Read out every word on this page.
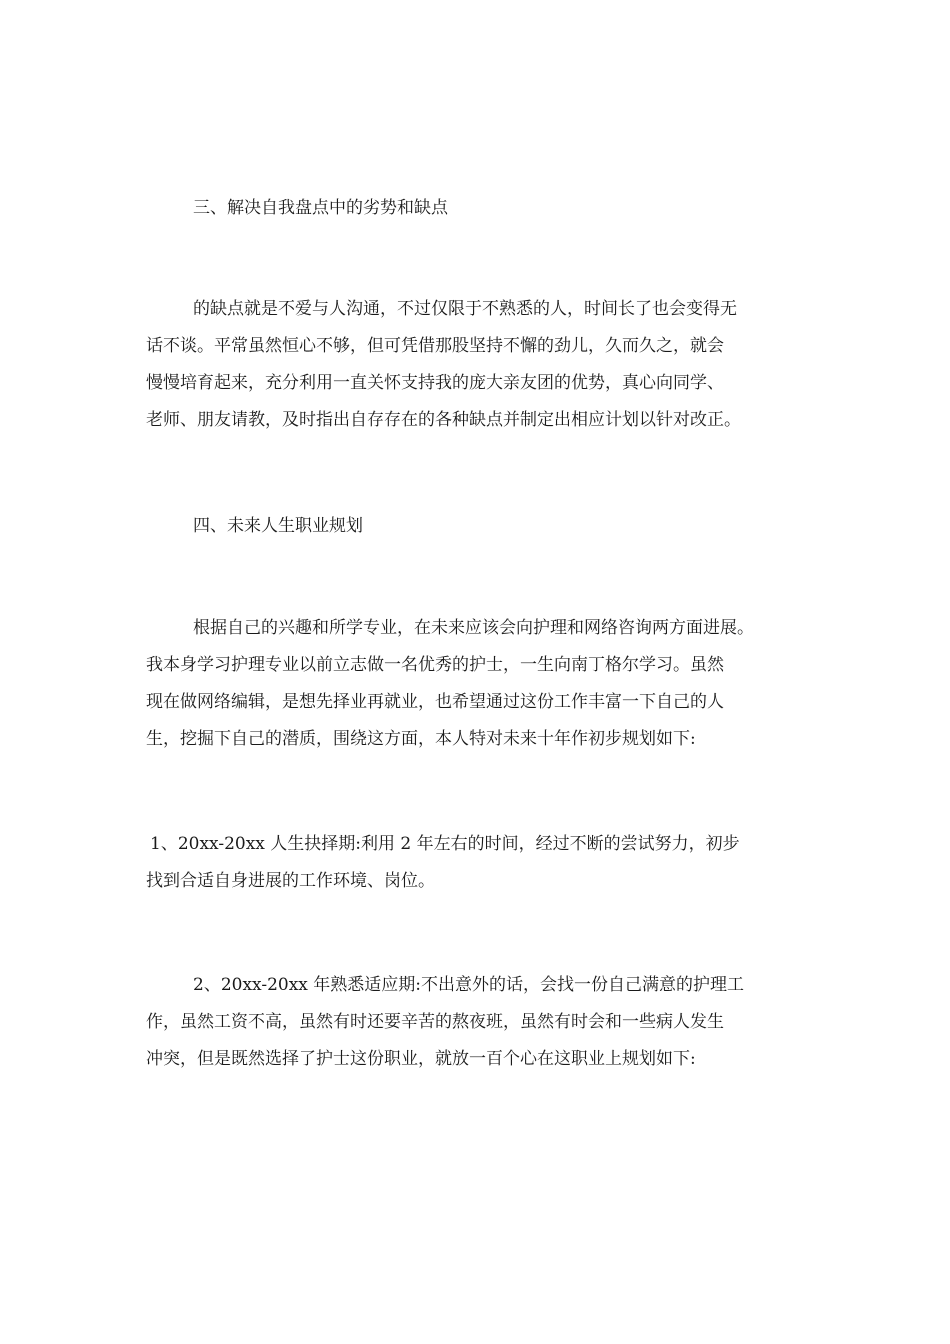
三、解决自我盘点中的劣势和缺点
的缺点就是不爱与人沟通，不过仅限于不熟悉的人，时间长了也会变得无
话不谈。平常虽然恒心不够，但可凭借那股坚持不懈的劲儿，久而久之，就会
慢慢培育起来，充分利用一直关怀支持我的庞大亲友团的优势，真心向同学、
老师、朋友请教，及时指出自存存在的各种缺点并制定出相应计划以针对改正。
四、未来人生职业规划
根据自己的兴趣和所学专业，在未来应该会向护理和网络咨询两方面进展。
我本身学习护理专业以前立志做一名优秀的护士，一生向南丁格尔学习。虽然
现在做网络编辑，是想先择业再就业，也希望通过这份工作丰富一下自己的人
生，挖掘下自己的潜质，围绕这方面，本人特对未来十年作初步规划如下:
1、20xx-20xx 人生抉择期:利用 2 年左右的时间，经过不断的尝试努力，初步
找到合适自身进展的工作环境、岗位。
2、20xx-20xx 年熟悉适应期:不出意外的话，会找一份自己满意的护理工
作，虽然工资不高，虽然有时还要辛苦的熬夜班，虽然有时会和一些病人发生
冲突，但是既然选择了护士这份职业，就放一百个心在这职业上规划如下:
